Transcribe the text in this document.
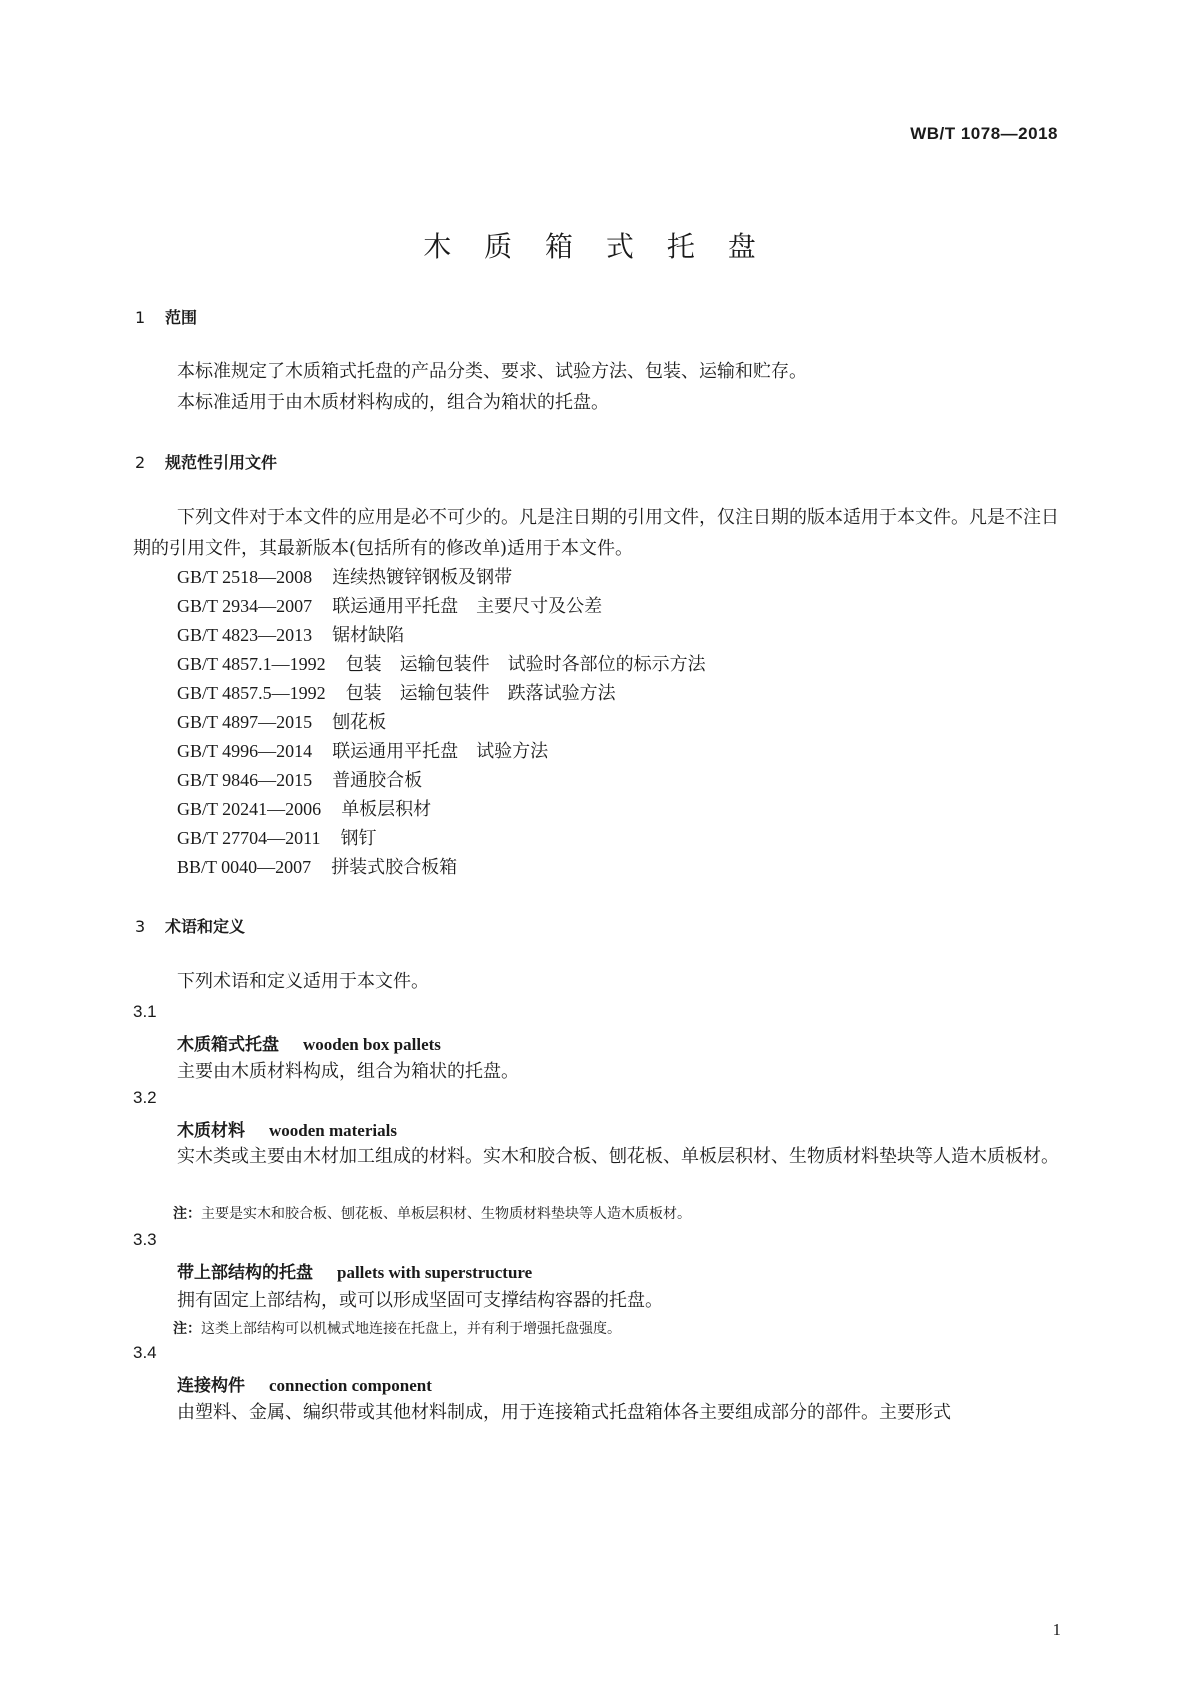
WB/T 1078—2018
木 质 箱 式 托 盘
1 范围
本标准规定了木质箱式托盘的产品分类、要求、试验方法、包装、运输和贮存。
本标准适用于由木质材料构成的，组合为箱状的托盘。
2 规范性引用文件
下列文件对于本文件的应用是必不可少的。凡是注日期的引用文件，仅注日期的版本适用于本文件。凡是不注日期的引用文件，其最新版本(包括所有的修改单)适用于本文件。
GB/T 2518—2008 连续热镀锌钢板及钢带
GB/T 2934—2007 联运通用平托盘　主要尺寸及公差
GB/T 4823—2013 锯材缺陷
GB/T 4857.1—1992 包装　运输包装件　试验时各部位的标示方法
GB/T 4857.5—1992 包装　运输包装件　跌落试验方法
GB/T 4897—2015 刨花板
GB/T 4996—2014 联运通用平托盘　试验方法
GB/T 9846—2015 普通胶合板
GB/T 20241—2006 单板层积材
GB/T 27704—2011 钢钉
BB/T 0040—2007 拼装式胶合板箱
3 术语和定义
下列术语和定义适用于本文件。
3.1
木质箱式托盘 wooden box pallets
主要由木质材料构成，组合为箱状的托盘。
3.2
木质材料 wooden materials
实木类或主要由木材加工组成的材料。实木和胶合板、刨花板、单板层积材、生物质材料垫块等人造木质板材。
注：主要是实木和胶合板、刨花板、单板层积材、生物质材料垫块等人造木质板材。
3.3
带上部结构的托盘 pallets with superstructure
拥有固定上部结构，或可以形成坚固可支撑结构容器的托盘。
注：这类上部结构可以机械式地连接在托盘上，并有利于增强托盘强度。
3.4
连接构件 connection component
由塑料、金属、编织带或其他材料制成，用于连接箱式托盘箱体各主要组成部分的部件。主要形式
1
